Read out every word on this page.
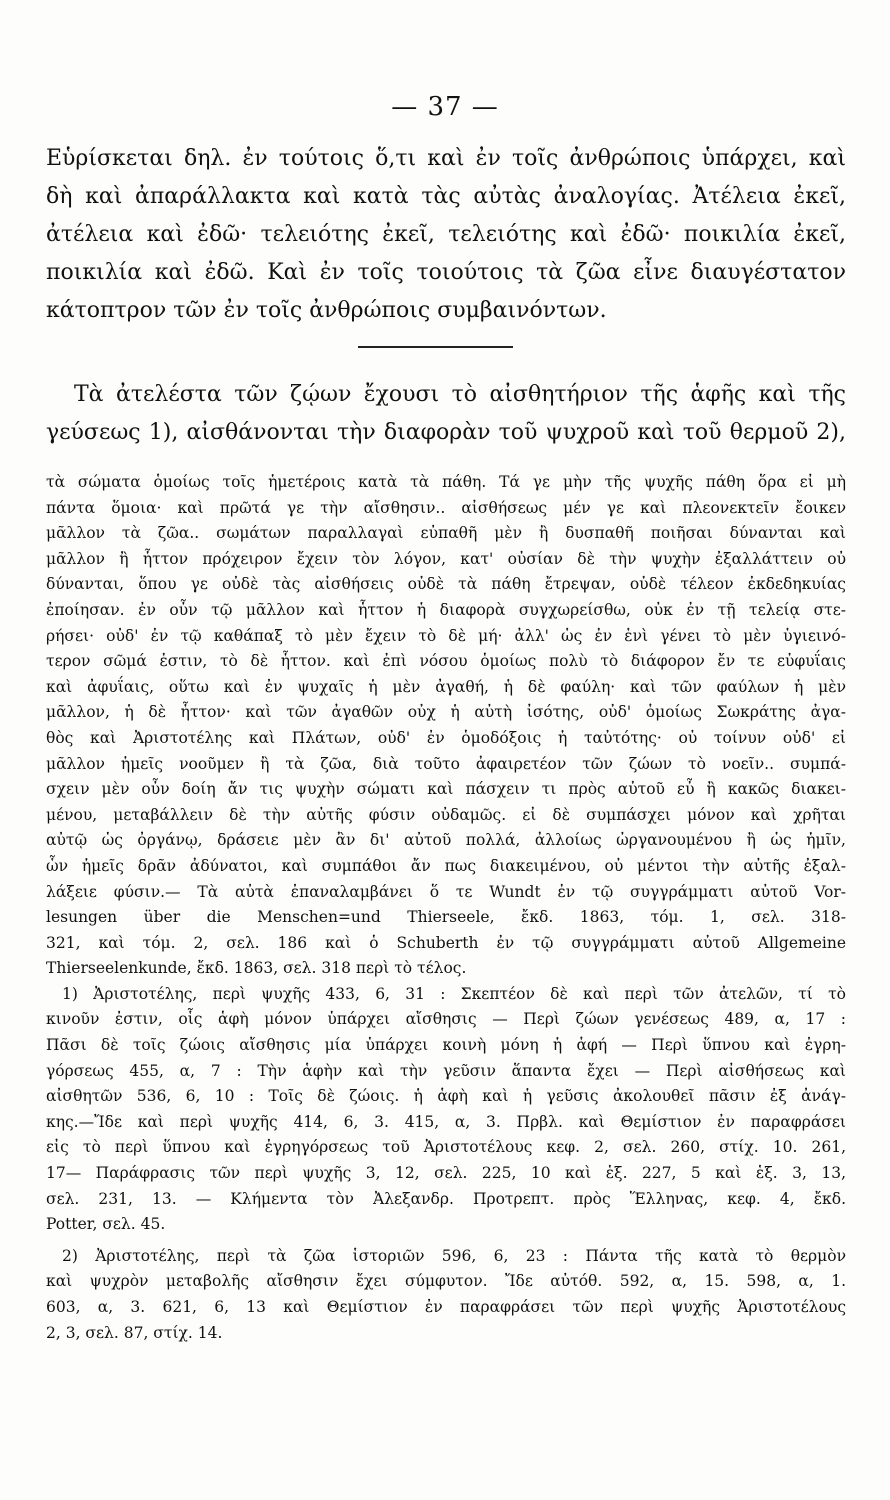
— 37 —
Εὑρίσκεται δηλ. ἐν τούτοις ὅ,τι καὶ ἐν τοῖς ἀνθρώποις ὑπάρχει, καὶ
δὴ καὶ ἀπαράλλακτα καὶ κατὰ τὰς αὐτὰς ἀναλογίας. Ἀτέλεια ἐκεῖ,
ἀτέλεια καὶ ἐδῶ· τελειότης ἐκεῖ, τελειότης καὶ ἐδῶ· ποικιλία ἐκεῖ,
ποικιλία καὶ ἐδῶ. Καὶ ἐν τοῖς τοιούτοις τὰ ζῶα εἶνε διαυγέστατον
κάτοπτρον τῶν ἐν τοῖς ἀνθρώποις συμβαινόντων.
Τὰ ἀτελέστα τῶν ζῴων ἔχουσι τὸ αἰσθητήριον τῆς ἁφῆς καὶ τῆς
γεύσεως 1), αἰσθάνονται τὴν διαφορὰν τοῦ ψυχροῦ καὶ τοῦ θερμοῦ 2),
τὰ σώματα ὁμοίως τοῖς ἡμετέροις κατὰ τὰ πάθη. Τά γε μὴν τῆς ψυχῆς πάθη ὅρα εἰ μὴ
πάντα ὅμοια· καὶ πρῶτά γε τὴν αἴσθησιν.. αἰσθήσεως μέν γε καὶ πλεονεκτεῖν ἔοικεν
μᾶλλον τὰ ζῶα.. σωμάτων παραλλαγαὶ εὐπαθῆ μὲν ἢ δυσπαθῆ ποιῆσαι δύνανται καὶ
μᾶλλον ἢ ἧττον πρόχειρον ἔχειν τὸν λόγον, κατ' οὐσίαν δὲ τὴν ψυχὴν ἐξαλλάττειν οὐ
δύνανται, ὅπου γε οὐδὲ τὰς αἰσθήσεις οὐδὲ τὰ πάθη ἔτρεψαν, οὐδὲ τέλεον ἐκδεδηκυίας
ἐποίησαν. ἐν οὖν τῷ μᾶλλον καὶ ἧττον ἡ διαφορὰ συγχωρείσθω, οὐκ ἐν τῇ τελείᾳ στε-
ρήσει· οὐδ' ἐν τῷ καθάπαξ τὸ μὲν ἔχειν τὸ δὲ μή· ἀλλ' ὡς ἐν ἑνὶ γένει τὸ μὲν ὑγιεινό-
τερον σῶμά ἐστιν, τὸ δὲ ἧττον. καὶ ἐπὶ νόσου ὁμοίως πολὺ τὸ διάφορον ἔν τε εὐφυΐαις
καὶ ἀφυΐαις, οὕτω καὶ ἐν ψυχαῖς ἡ μὲν ἀγαθή, ἡ δὲ φαύλη· καὶ τῶν φαύλων ἡ μὲν
μᾶλλον, ἡ δὲ ἧττον· καὶ τῶν ἀγαθῶν οὐχ ἡ αὐτὴ ἰσότης, οὐδ' ὁμοίως Σωκράτης ἀγα-
θὸς καὶ Ἀριστοτέλης καὶ Πλάτων, οὐδ' ἐν ὁμοδόξοις ἡ ταὐτότης· οὐ τοίνυν οὐδ' εἰ
μᾶλλον ἡμεῖς νοοῦμεν ἢ τὰ ζῶα, διὰ τοῦτο ἀφαιρετέον τῶν ζώων τὸ νοεῖν.. συμπά-
σχειν μὲν οὖν δοίη ἄν τις ψυχὴν σώματι καὶ πάσχειν τι πρὸς αὐτοῦ εὖ ἢ κακῶς διακει-
μένου, μεταβάλλειν δὲ τὴν αὐτῆς φύσιν οὐδαμῶς. εἰ δὲ συμπάσχει μόνον καὶ χρῆται
αὐτῷ ὡς ὀργάνῳ, δράσειε μὲν ἂν δι' αὐτοῦ πολλά, ἀλλοίως ὠργανουμένου ἢ ὡς ἡμῖν,
ὧν ἡμεῖς δρᾶν ἀδύνατοι, καὶ συμπάθοι ἄν πως διακειμένου, οὐ μέντοι τὴν αὐτῆς ἐξαλ-
λάξειε φύσιν.— Τὰ αὐτὰ ἐπαναλαμβάνει ὅ τε Wundt ἐν τῷ συγγράμματι αὐτοῦ Vor-
lesungen über die Menschen=und Thierseele, ἔκδ. 1863, τόμ. 1, σελ. 318-
321, καὶ τόμ. 2, σελ. 186 καὶ ὁ Schuberth ἐν τῷ συγγράμματι αὐτοῦ Allgemeine
Thierseelenkunde, ἔκδ. 1863, σελ. 318 περὶ τὸ τέλος.
1) Ἀριστοτέλης, περὶ ψυχῆς 433, 6, 31 : Σκεπτέον δὲ καὶ περὶ τῶν ἀτελῶν, τί τὸ
κινοῦν ἐστιν, οἷς ἁφὴ μόνον ὑπάρχει αἴσθησις — Περὶ ζώων γενέσεως 489, α, 17 :
Πᾶσι δὲ τοῖς ζώοις αἴσθησις μία ὑπάρχει κοινὴ μόνη ἡ ἁφή — Περὶ ὕπνου καὶ ἐγρη-
γόρσεως 455, α, 7 : Τὴν ἁφὴν καὶ τὴν γεῦσιν ἅπαντα ἔχει — Περὶ αἰσθήσεως καὶ
αἰσθητῶν 536, 6, 10 : Τοῖς δὲ ζώοις. ἡ ἁφὴ καὶ ἡ γεῦσις ἀκολουθεῖ πᾶσιν ἐξ ἀνάγ-
κης.—Ἴδε καὶ περὶ ψυχῆς 414, 6, 3. 415, α, 3. Πρβλ. καὶ Θεμίστιον ἐν παραφράσει
εἰς τὸ περὶ ὕπνου καὶ ἐγρηγόρσεως τοῦ Ἀριστοτέλους κεφ. 2, σελ. 260, στίχ. 10. 261,
17— Παράφρασις τῶν περὶ ψυχῆς 3, 12, σελ. 225, 10 καὶ ἑξ. 227, 5 καὶ ἑξ. 3, 13,
σελ. 231, 13. — Κλήμεντα τὸν Ἀλεξανδρ. Προτρεπτ. πρὸς Ἕλληνας, κεφ. 4, ἔκδ.
Potter, σελ. 45.
2) Ἀριστοτέλης, περὶ τὰ ζῶα ἱστοριῶν 596, 6, 23 : Πάντα τῆς κατὰ τὸ θερμὸν
καὶ ψυχρὸν μεταβολῆς αἴσθησιν ἔχει σύμφυτον. Ἴδε αὐτόθ. 592, α, 15. 598, α, 1.
603, α, 3. 621, 6, 13 καὶ Θεμίστιον ἐν παραφράσει τῶν περὶ ψυχῆς Ἀριστοτέλους
2, 3, σελ. 87, στίχ. 14.
